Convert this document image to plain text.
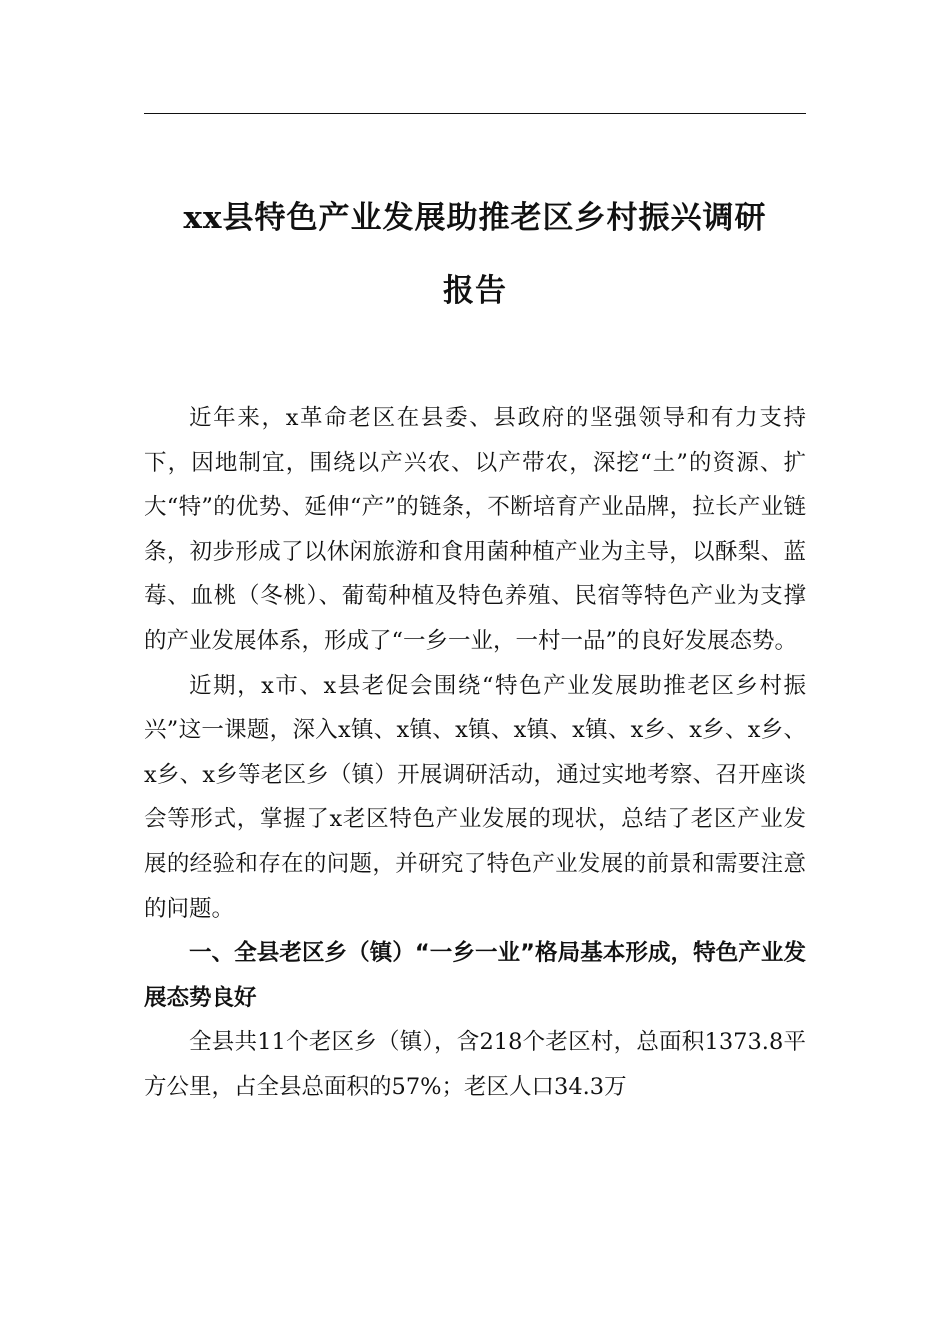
xx县特色产业发展助推老区乡村振兴调研
报告

近年来，x革命老区在县委、县政府的坚强领导和有力支持下，因地制宜，围绕以产兴农、以产带农，深挖“土”的资源、扩大“特”的优势、延伸“产”的链条，不断培育产业品牌，拉长产业链条，初步形成了以休闲旅游和食用菌种植产业为主导，以酥梨、蓝莓、血桃（冬桃）、葡萄种植及特色养殖、民宿等特色产业为支撑的产业发展体系，形成了“一乡一业，一村一品”的良好发展态势。

近期，x市、x县老促会围绕“特色产业发展助推老区乡村振兴”这一课题，深入x镇、x镇、x镇、x镇、x镇、x乡、x乡、x乡、x乡、x乡等老区乡（镇）开展调研活动，通过实地考察、召开座谈会等形式，掌握了x老区特色产业发展的现状，总结了老区产业发展的经验和存在的问题，并研究了特色产业发展的前景和需要注意的问题。

一、全县老区乡（镇）“一乡一业”格局基本形成，特色产业发展态势良好

全县共11个老区乡（镇），含218个老区村，总面积1373.8平方公里，占全县总面积的57%；老区人口34.3万
